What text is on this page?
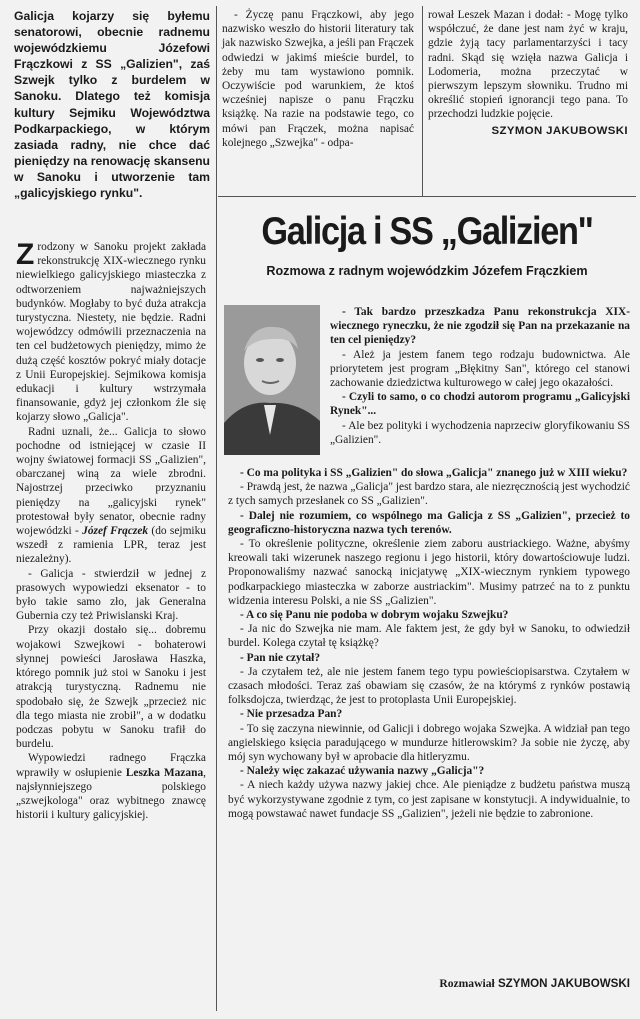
Galicja kojarzy się byłemu senatorowi, obecnie radnemu wojewódzkiemu Józefowi Frączkowi z SS „Galizien", zaś Szwejk tylko z burdelem w Sanoku. Dlatego też komisja kultury Sejmiku Województwa Podkarpackiego, w którym zasiada radny, nie chce dać pieniędzy na renowację skansenu w Sanoku i utworzenie tam „galicyjskiego rynku".

Zrodzony w Sanoku projekt zakłada rekonstrukcję XIX-wiecznego rynku niewielkiego galicyjskiego miasteczka z odtworzeniem najważniejszych budynków. Mogłaby to być duża atrakcja turystyczna. Niestety, nie będzie. Radni wojewódzcy odmówili przeznaczenia na ten cel budżetowych pieniędzy, mimo że dużą część kosztów pokryć miały dotacje z Unii Europejskiej. Sejmikowa komisja edukacji i kultury wstrzymała finansowanie, gdyż jej członkom źle się kojarzy słowo „Galicja".

Radni uznali, że... Galicja to słowo pochodne od istniejącej w czasie II wojny światowej formacji SS „Galizien", obarczanej winą za wiele zbrodni. Najostrzej przeciwko przyznaniu pieniędzy na „galicyjski rynek" protestował były senator, obecnie radny wojewódzki - Józef Frączek (do sejmiku wszedł z ramienia LPR, teraz jest niezależny).

- Galicja - stwierdził w jednej z prasowych wypowiedzi eksenator - to było takie samo zło, jak Generalna Gubernia czy też Priwislanski Kraj.

Przy okazji dostało się... dobremu wojakowi Szwejkowi - bohaterowi słynnej powieści Jarosława Haszka, którego pomnik już stoi w Sanoku i jest atrakcją turystyczną. Radnemu nie spodobało się, że Szwejk „przecież nic dla tego miasta nie zrobił", a w dodatku podczas pobytu w Sanoku trafił do burdelu.

Wypowiedzi radnego Frączka wprawiły w osłupienie Leszka Mazana, najsłynniejszego polskiego „szwejkologa" oraz wybitnego znawcę historii i kultury galicyjskiej.

- Życzę panu Frączkowi, aby jego nazwisko weszło do historii literatury tak jak nazwisko Szwejka, a jeśli pan Frączek odwiedzi w jakimś mieście burdel, to żeby mu tam wystawiono pomnik. Oczywiście pod warunkiem, że ktoś wcześniej napisze o panu Frączku książkę. Na razie na podstawie tego, co mówi pan Frączek, można napisać kolejnego „Szwejka" - odpa-

rował Leszek Mazan i dodał: - Mogę tylko współczuć, że dane jest nam żyć w kraju, gdzie żyją tacy parlamentarzyści i tacy radni. Skąd się wzięła nazwa Galicja i Lodomeria, można przeczytać w pierwszym lepszym słowniku. Trudno mi określić stopień ignorancji tego pana. To przechodzi ludzkie pojęcie.

SZYMON JAKUBOWSKI
Galicja i SS „Galizien"
Rozmowa z radnym wojewódzkim Józefem Frączkiem

- Tak bardzo przeszkadza Panu rekonstrukcja XIX-wiecznego ryneczku, że nie zgodził się Pan na przekazanie na ten cel pieniędzy?

- Ależ ja jestem fanem tego rodzaju budownictwa. Ale priorytetem jest program „Błękitny San", którego cel stanowi zachowanie dziedzictwa kulturowego w całej jego okazałości.

- Czyli to samo, o co chodzi autorom programu „Galicyjski Rynek"...

- Ale bez polityki i wychodzenia naprzeciw gloryfikowaniu SS „Galizien".

- Co ma polityka i SS „Galizien" do słowa „Galicja" znanego już w XIII wieku?

- Prawdą jest, że nazwa „Galicja" jest bardzo stara, ale niezręcznością jest wychodzić z tych samych przesłanek co SS „Galizien".

- Dalej nie rozumiem, co wspólnego ma Galicja z SS „Galizien", przecież to geograficzno-historyczna nazwa tych terenów.

- To określenie polityczne, określenie ziem zaboru austriackiego. Ważne, abyśmy kreowali taki wizerunek naszego regionu i jego historii, który dowartościowuje ludzi. Proponowaliśmy nazwać sanocką inicjatywę „XIX-wiecznym rynkiem typowego podkarpackiego miasteczka w zaborze austriackim". Musimy patrzeć na to z punktu widzenia interesu Polski, a nie SS „Galizien".

- A co się Panu nie podoba w dobrym wojaku Szwejku?

- Ja nic do Szwejka nie mam. Ale faktem jest, że gdy był w Sanoku, to odwiedził burdel. Kolega czytał tę książkę?

- Pan nie czytał?

- Ja czytałem też, ale nie jestem fanem tego typu powieściopisarstwa. Czytałem w czasach młodości. Teraz zaś obawiam się czasów, że na którymś z rynków postawią folksdojcza, twierdząc, że jest to protoplasta Unii Europejskiej.

- Nie przesadza Pan?

- To się zaczyna niewinnie, od Galicji i dobrego wojaka Szwejka. A widział pan tego angielskiego księcia paradującego w mundurze hitlerowskim? Ja sobie nie życzę, aby mój syn wychowany był w aprobacie dla hitleryzmu.

- Należy więc zakazać używania nazwy „Galicja"?

- A niech każdy używa nazwy jakiej chce. Ale pieniądze z budżetu państwa muszą być wykorzystywane zgodnie z tym, co jest zapisane w konstytucji. A indywidualnie, to mogą powstawać nawet fundacje SS „Galizien", jeżeli nie będzie to zabronione.

Rozmawiał SZYMON JAKUBOWSKI
